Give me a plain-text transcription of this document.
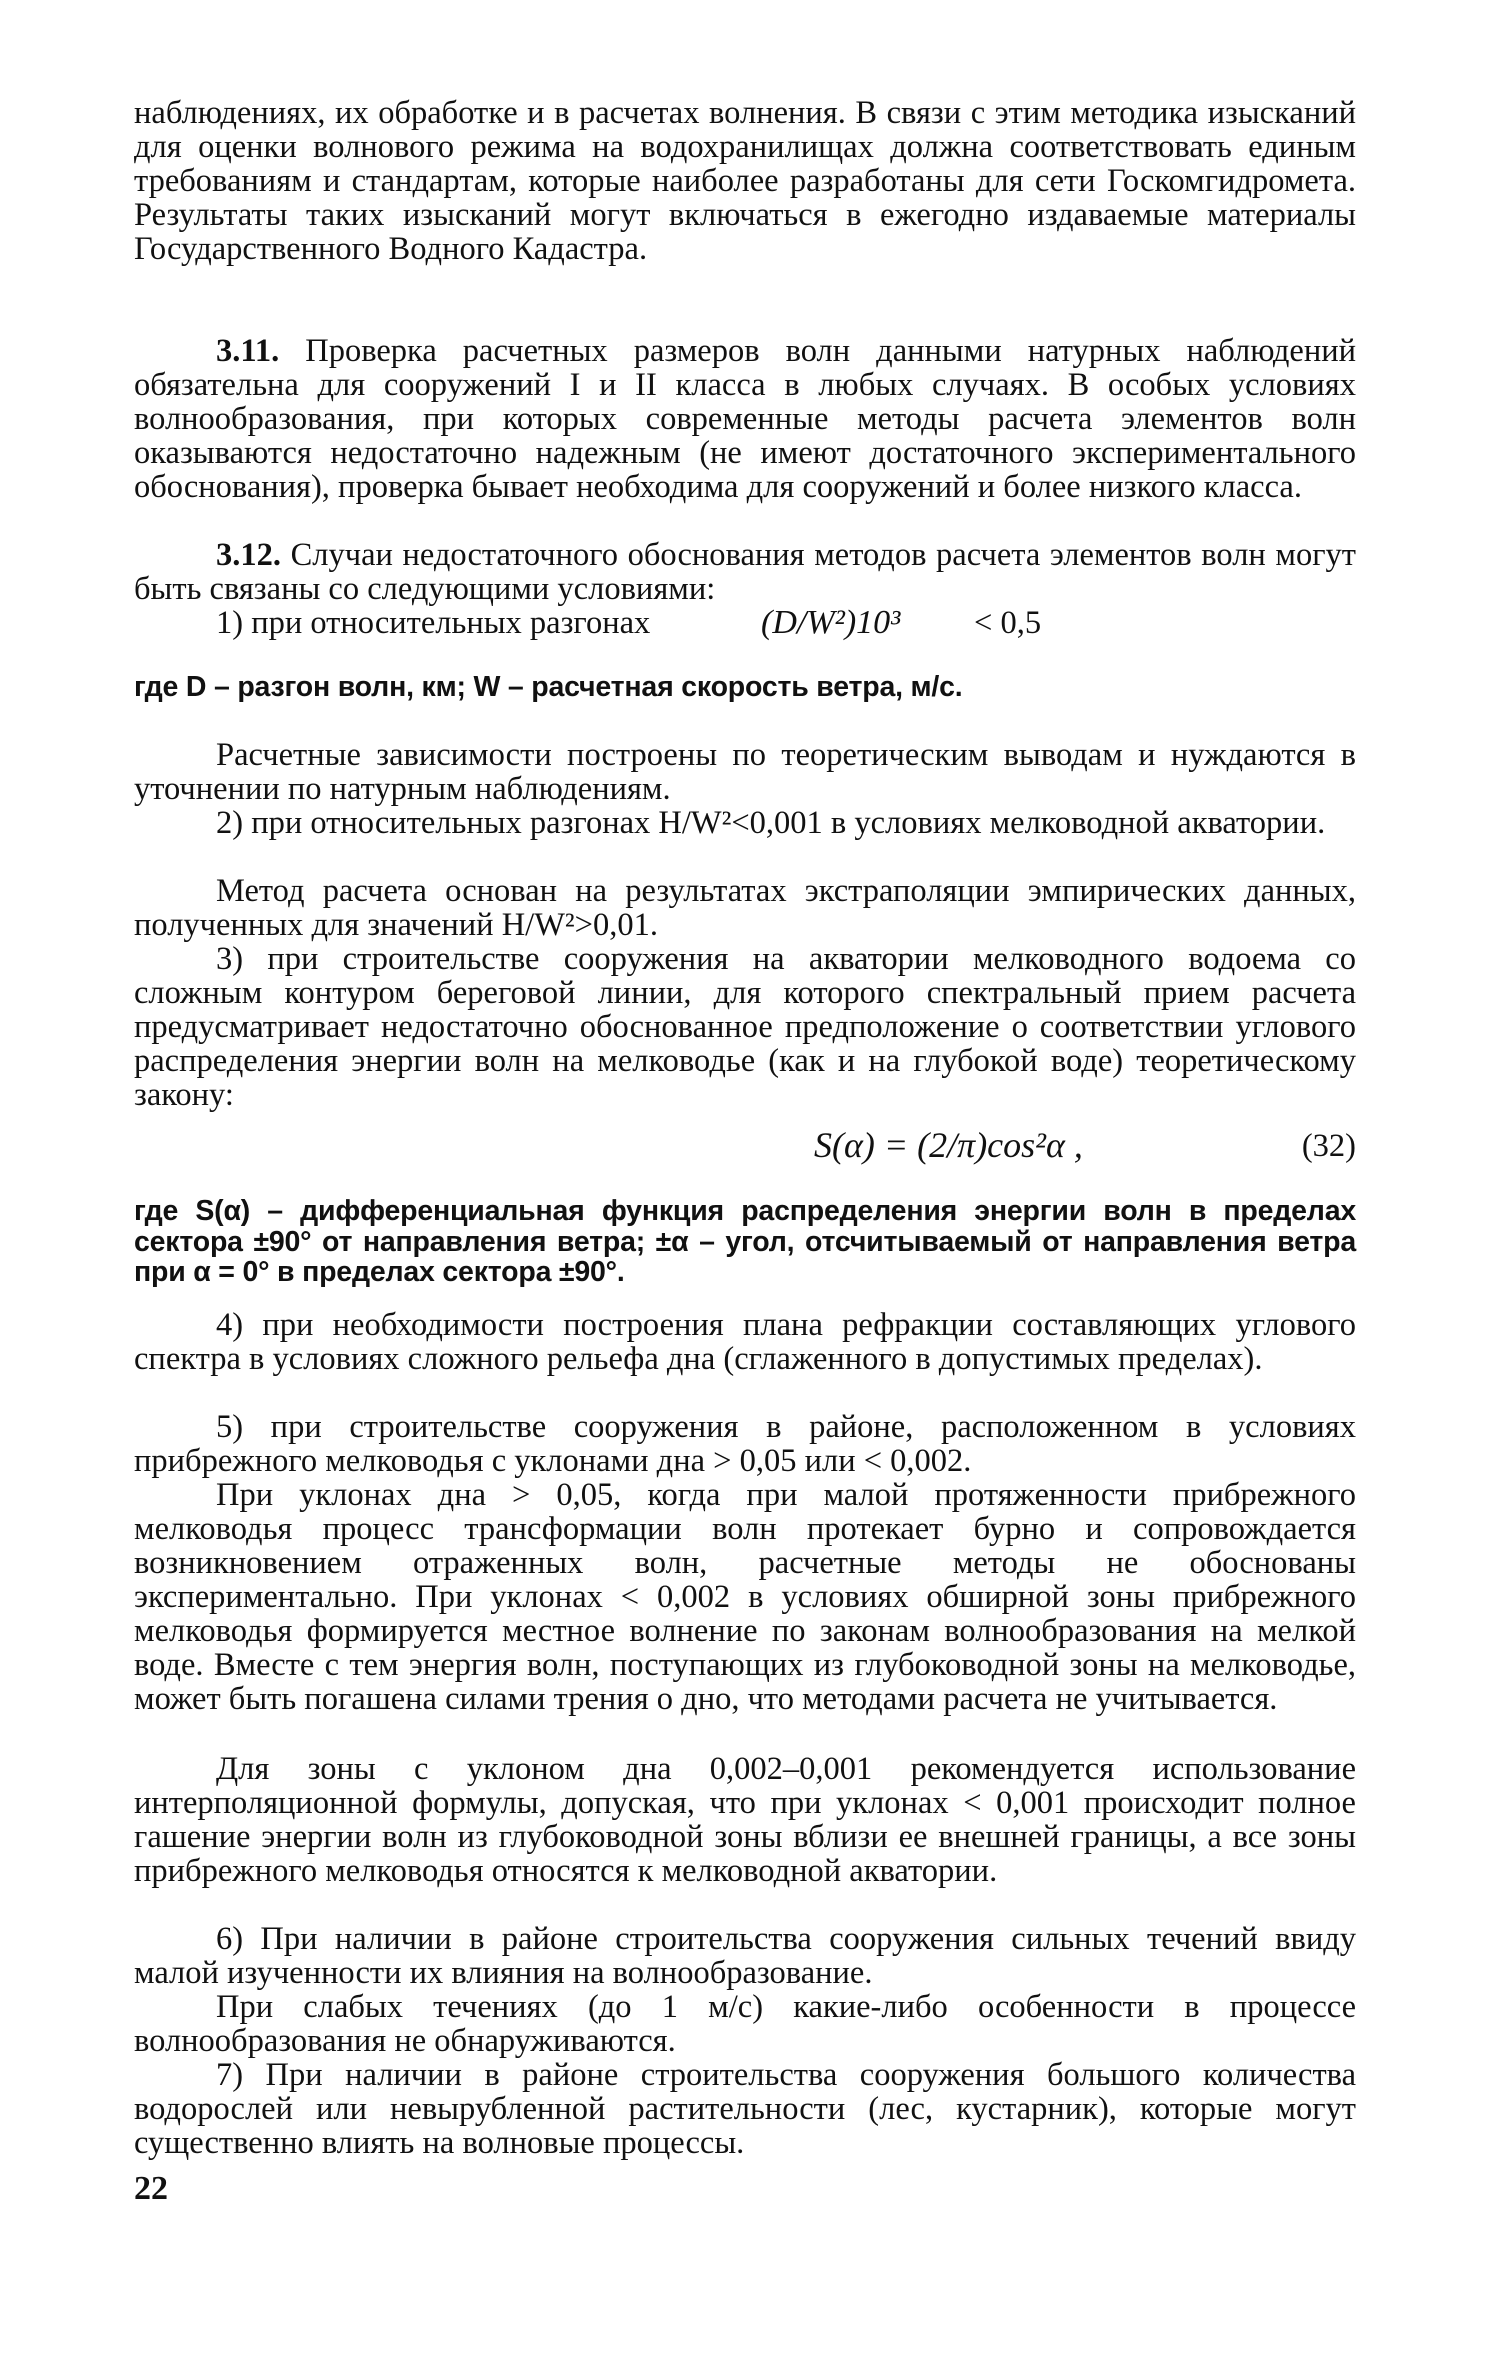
наблюдениях, их обработке и в расчетах волнения. В связи с этим методика изысканий для оценки волнового режима на водохранилищах должна соответствовать единым требованиям и стандартам, которые наиболее разработаны для сети Госкомгидромета. Результаты таких изысканий могут включаться в ежегодно издаваемые материалы Государственного Водного Кадастра.

3.11. Проверка расчетных размеров волн данными натурных наблюдений обязательна для сооружений I и II класса в любых случаях. В особых условиях волнообразования, при которых современные методы расчета элементов волн оказываются недостаточно надежным (не имеют достаточного экспериментального обоснования), проверка бывает необходима для сооружений и более низкого класса.

3.12. Случаи недостаточного обоснования методов расчета элементов волн могут быть связаны со следующими условиями:

1) при относительных разгонах	(D/W²)10³ < 0,5

где D – разгон волн, км; W – расчетная скорость ветра, м/с.

Расчетные зависимости построены по теоретическим выводам и нуждаются в уточнении по натурным наблюдениям.

2) при относительных разгонах H/W²<0,001 в условиях мелководной акватории.

Метод расчета основан на результатах экстраполяции эмпирических данных, полученных для значений H/W²>0,01.

3) при строительстве сооружения на акватории мелководного водоема со сложным контуром береговой линии, для которого спектральный прием расчета предусматривает недостаточно обоснованное предположение о соответствии углового распределения энергии волн на мелководье (как и на глубокой воде) теоретическому закону:

S(α) = (2/π)cos²α ,	(32)

где S(α) – дифференциальная функция распределения энергии волн в пределах сектора ±90° от направления ветра; ±α – угол, отсчитываемый от направления ветра при α = 0° в пределах сектора ±90°.

4) при необходимости построения плана рефракции составляющих углового спектра в условиях сложного рельефа дна (сглаженного в допустимых пределах).

5) при строительстве сооружения в районе, расположенном в условиях прибрежного мелководья с уклонами дна > 0,05 или < 0,002.

При уклонах дна > 0,05, когда при малой протяженности прибрежного мелководья процесс трансформации волн протекает бурно и сопровождается возникновением отраженных волн, расчетные методы не обоснованы экспериментально. При уклонах < 0,002 в условиях обширной зоны прибрежного мелководья формируется местное волнение по законам волнообразования на мелкой воде. Вместе с тем энергия волн, поступающих из глубоководной зоны на мелководье, может быть погашена силами трения о дно, что методами расчета не учитывается.

Для зоны с уклоном дна 0,002–0,001 рекомендуется использование интерполяционной формулы, допуская, что при уклонах < 0,001 происходит полное гашение энергии волн из глубоководной зоны вблизи ее внешней границы, а все зоны прибрежного мелководья относятся к мелководной акватории.

6) При наличии в районе строительства сооружения сильных течений ввиду малой изученности их влияния на волнообразование.

При слабых течениях (до 1 м/с) какие-либо особенности в процессе волнообразования не обнаруживаются.

7) При наличии в районе строительства сооружения большого количества водорослей или невырубленной растительности (лес, кустарник), которые могут существенно влиять на волновые процессы.

22
